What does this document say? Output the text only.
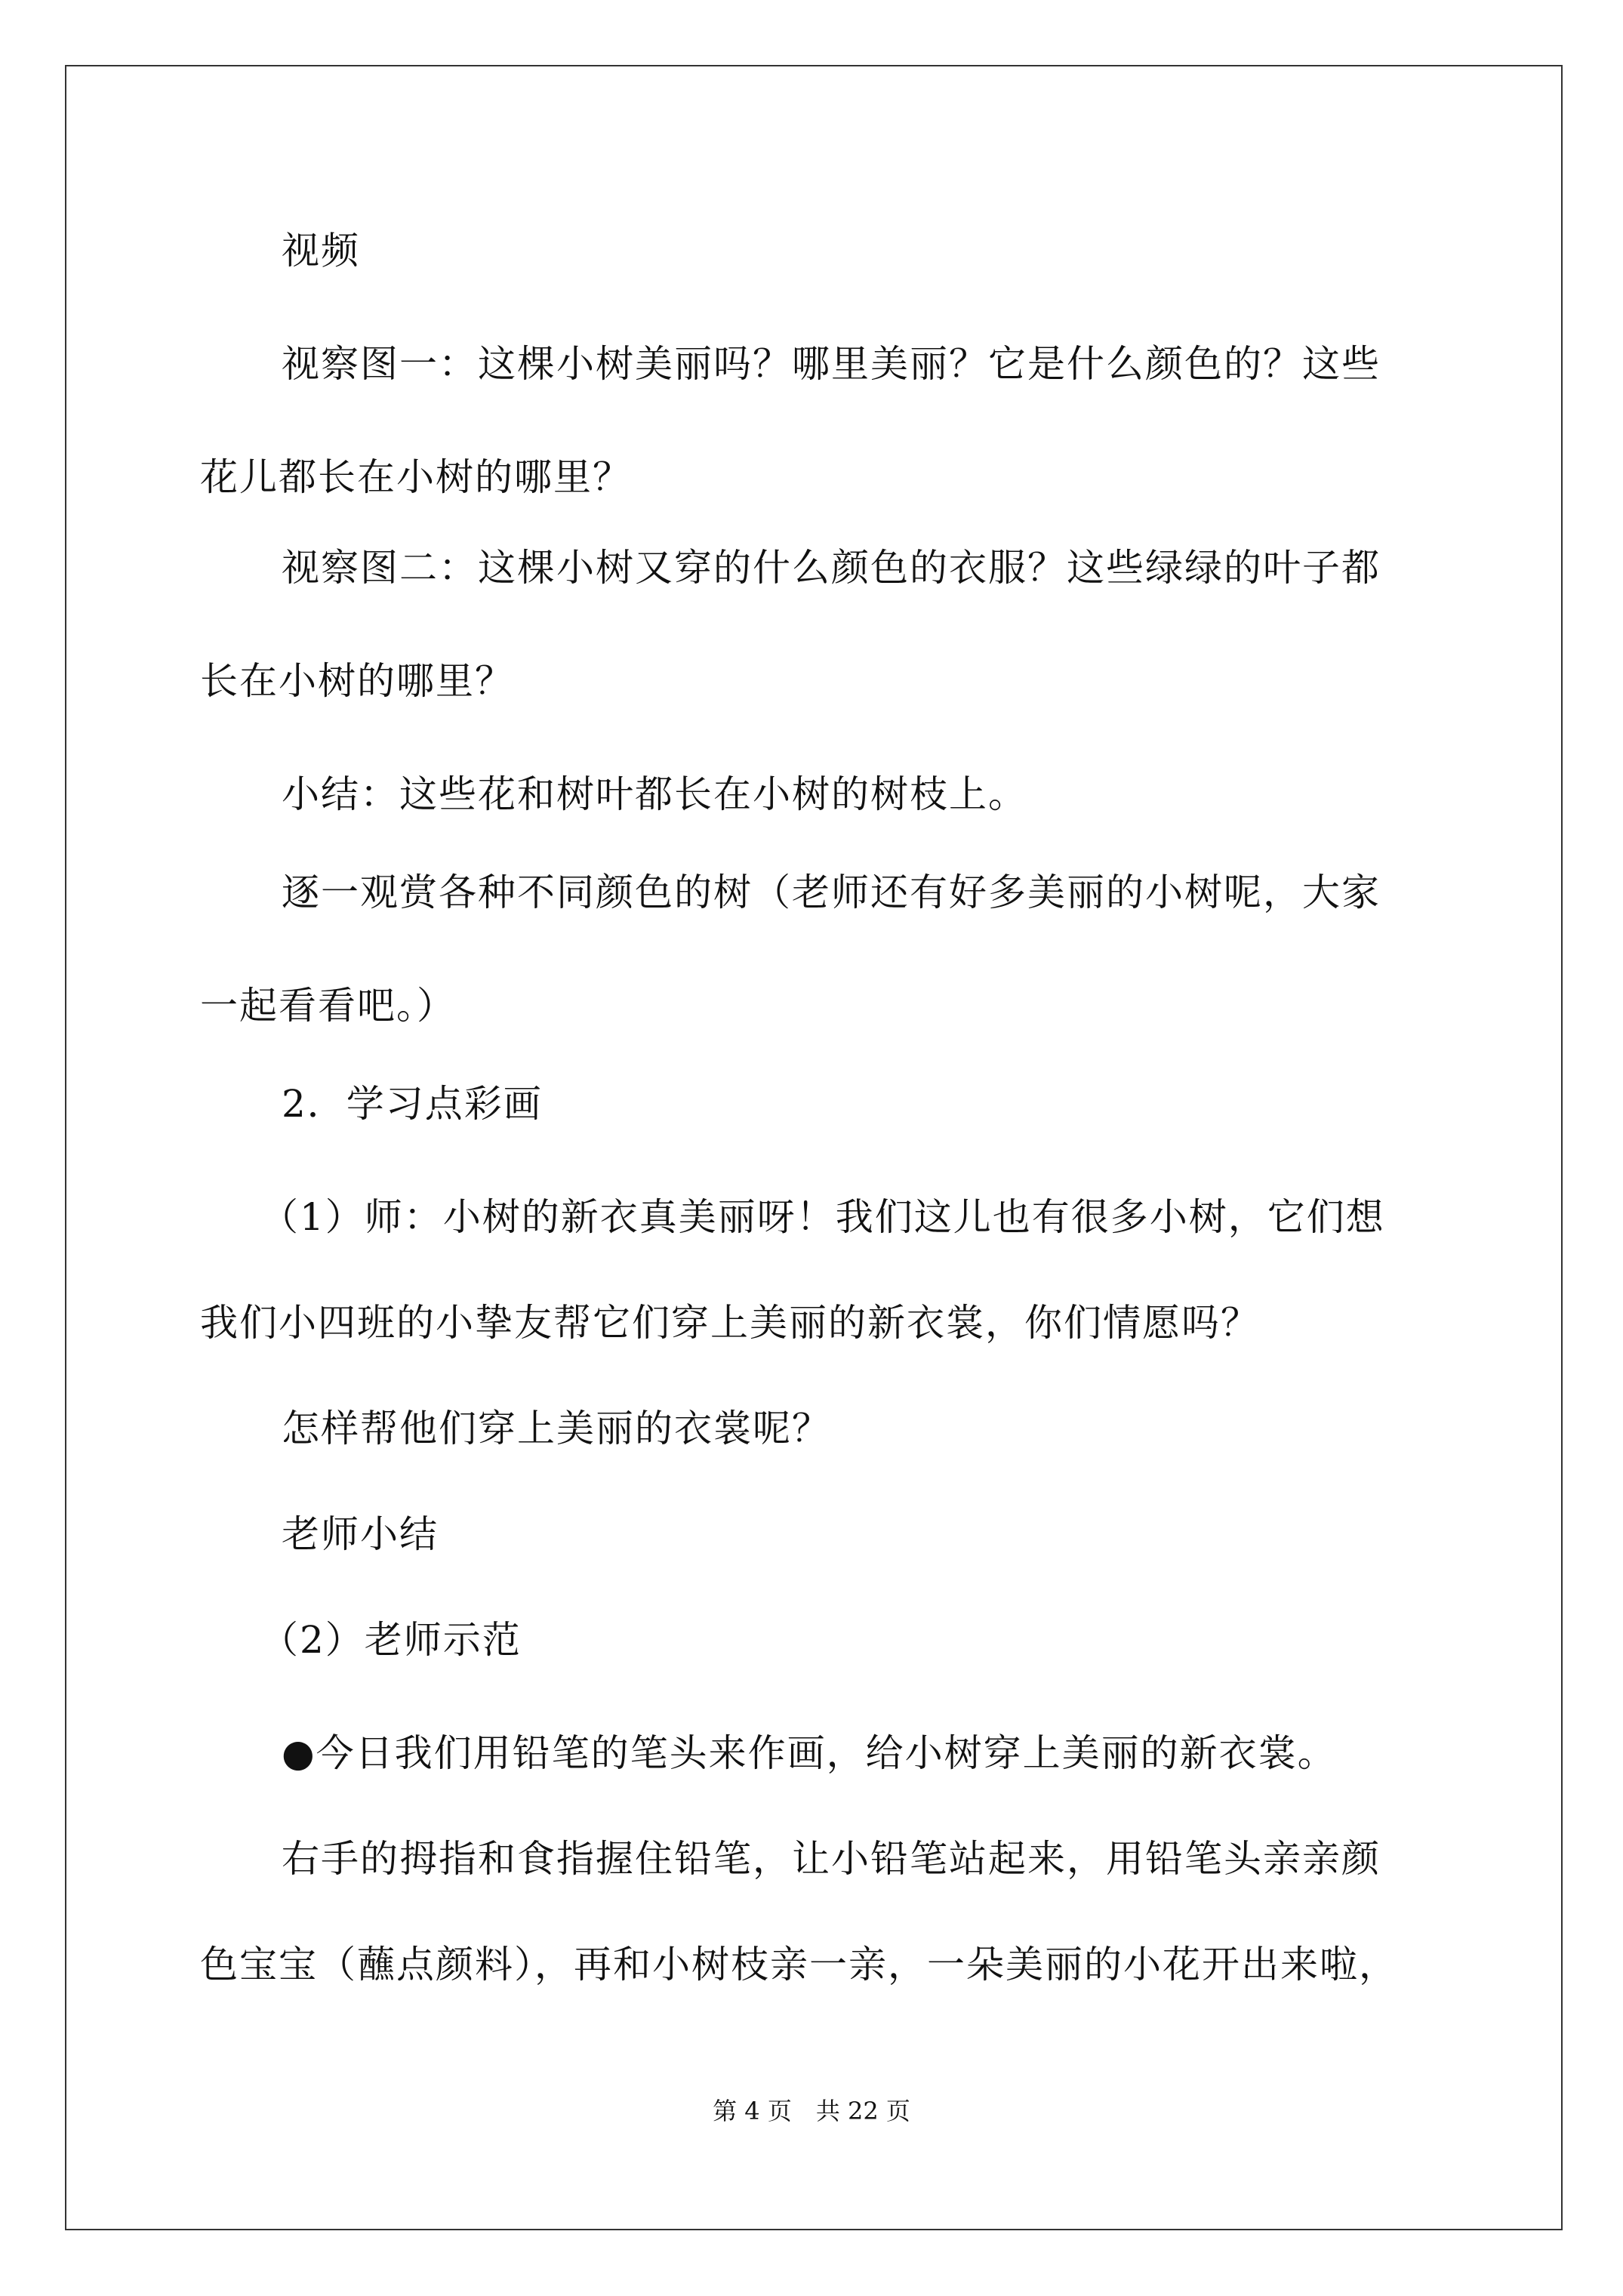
视频
视察图一：这棵小树美丽吗？哪里美丽？它是什么颜色的？这些
花儿都长在小树的哪里？
视察图二：这棵小树又穿的什么颜色的衣服？这些绿绿的叶子都
长在小树的哪里？
小结：这些花和树叶都长在小树的树枝上。
逐一观赏各种不同颜色的树（老师还有好多美丽的小树呢，大家
一起看看吧。）
2．学习点彩画
（1）师：小树的新衣真美丽呀！我们这儿也有很多小树，它们想
我们小四班的小挚友帮它们穿上美丽的新衣裳，你们情愿吗？
怎样帮他们穿上美丽的衣裳呢？
老师小结
（2）老师示范
●今日我们用铅笔的笔头来作画，给小树穿上美丽的新衣裳。
右手的拇指和食指握住铅笔，让小铅笔站起来，用铅笔头亲亲颜
色宝宝（蘸点颜料），再和小树枝亲一亲，一朵美丽的小花开出来啦，
第 4 页　共 22 页
